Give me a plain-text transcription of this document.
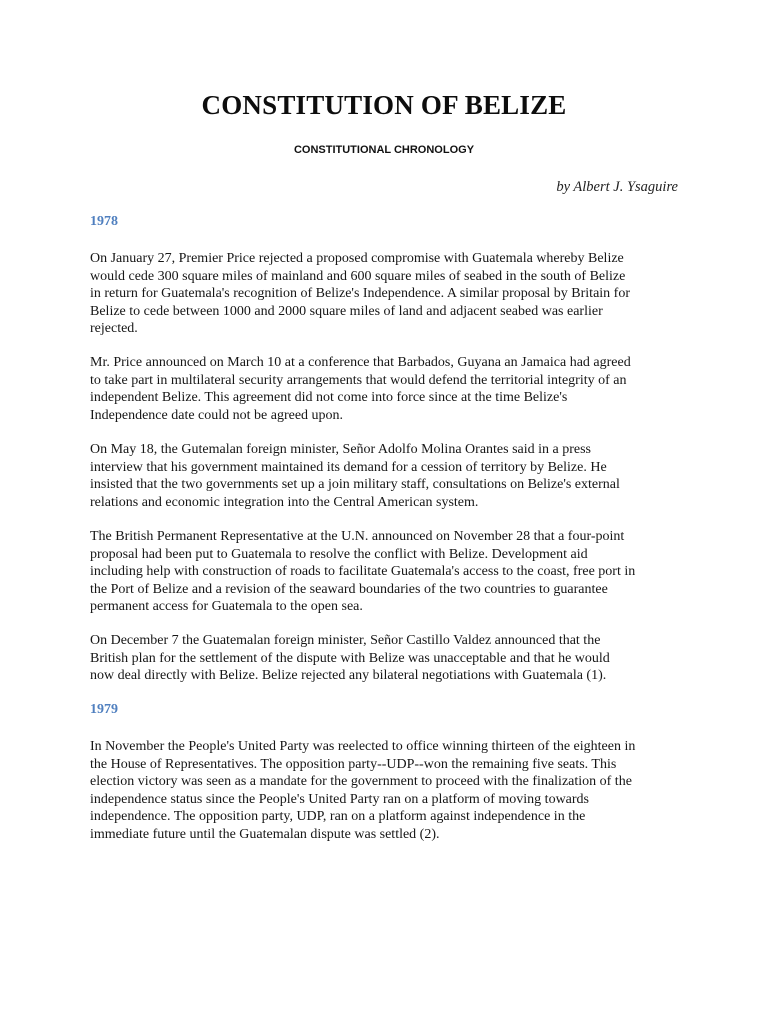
CONSTITUTION OF BELIZE
CONSTITUTIONAL CHRONOLOGY
by Albert J. Ysaguire
1978
On January 27, Premier Price rejected a proposed compromise with Guatemala whereby Belize
would cede 300 square miles of mainland and 600 square miles of seabed in the south of Belize
in return for Guatemala's recognition of Belize's Independence. A similar proposal by Britain for
Belize to cede between 1000 and 2000 square miles of land and adjacent seabed was earlier
rejected.
Mr. Price announced on March 10 at a conference that Barbados, Guyana an Jamaica had agreed
to take part in multilateral security arrangements that would defend the territorial integrity of an
independent Belize. This agreement did not come into force since at the time Belize's
Independence date could not be agreed upon.
On May 18, the Gutemalan foreign minister, Señor Adolfo Molina Orantes said in a press
interview that his government maintained its demand for a cession of territory by Belize. He
insisted that the two governments set up a join military staff, consultations on Belize's external
relations and economic integration into the Central American system.
The British Permanent Representative at the U.N. announced on November 28 that a four-point
proposal had been put to Guatemala to resolve the conflict with Belize. Development aid
including help with construction of roads to facilitate Guatemala's access to the coast, free port in
the Port of Belize and a revision of the seaward boundaries of the two countries to guarantee
permanent access for Guatemala to the open sea.
On December 7 the Guatemalan foreign minister, Señor Castillo Valdez announced that the
British plan for the settlement of the dispute with Belize was unacceptable and that he would
now deal directly with Belize. Belize rejected any bilateral negotiations with Guatemala (1).
1979
In November the People's United Party was reelected to office winning thirteen of the eighteen in
the House of Representatives. The opposition party--UDP--won the remaining five seats. This
election victory was seen as a mandate for the government to proceed with the finalization of the
independence status since the People's United Party ran on a platform of moving towards
independence. The opposition party, UDP, ran on a platform against independence in the
immediate future until the Guatemalan dispute was settled (2).
